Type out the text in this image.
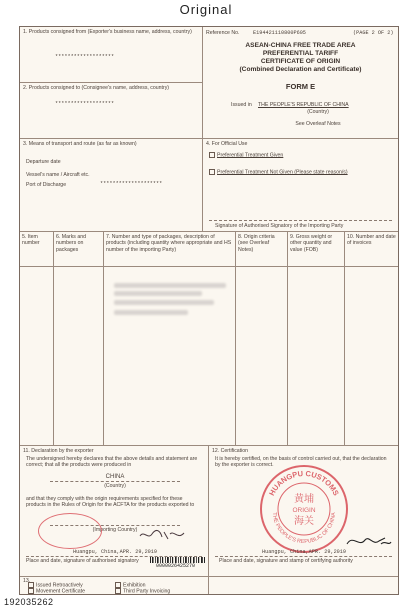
Original
1. Products consigned from (Exporter's business name, address, country)
*******************
2. Products consigned to (Consignee's name, address, country)
*******************
Reference No.	E194421110800P605	(PAGE 2 OF 2)
ASEAN-CHINA FREE TRADE AREA
PREFERENTIAL TARIFF
CERTIFICATE OF ORIGIN
(Combined Declaration and Certificate)
FORM E
Issued in THE PEOPLE'S REPUBLIC OF CHINA
(Country)
See Overleaf Notes
3. Means of transport and route (as far as known)
Departure date
Vessel's name / Aircraft etc.
Port of Discharge	********************
4. For Official Use
Preferential Treatment Given
Preferential Treatment Not Given (Please state reason/s)
Signature of Authorised Signatory of the Importing Party
5. Item number
6. Marks and numbers on packages
7. Number and type of packages, description of products (including quantity where appropriate and HS number of the importing Party)
8. Origin criteria (see Overleaf Notes)
9. Gross weight or other quantity and value (FOB)
10. Number and date of invoices
11. Declaration by the exporter
The undersigned hereby declares that the above details and statement are correct; that all the products were produced in
CHINA
(Country)
and that they comply with the origin requirements specified for these products in the Rules of Origin for the ACFTA for the products exported to
(Importing Country)
Huangpu, China,APR. 29,2019
Place and date, signature of authorised signatory
0000026425270
12. Certification
It is hereby certified, on the basis of control carried out, that the declaration by the exporter is correct.
HUANGPU CUSTOMS
THE PEOPLE'S REPUBLIC OF CHINA
黄埔
ORIGIN
海关
Huangpu, China,APR. 29,2019
Place and date, signature and stamp of certifying authority
13.
Issued Retroactively	Exhibition
Movement Certificate	Third Party Invoicing
192035262
